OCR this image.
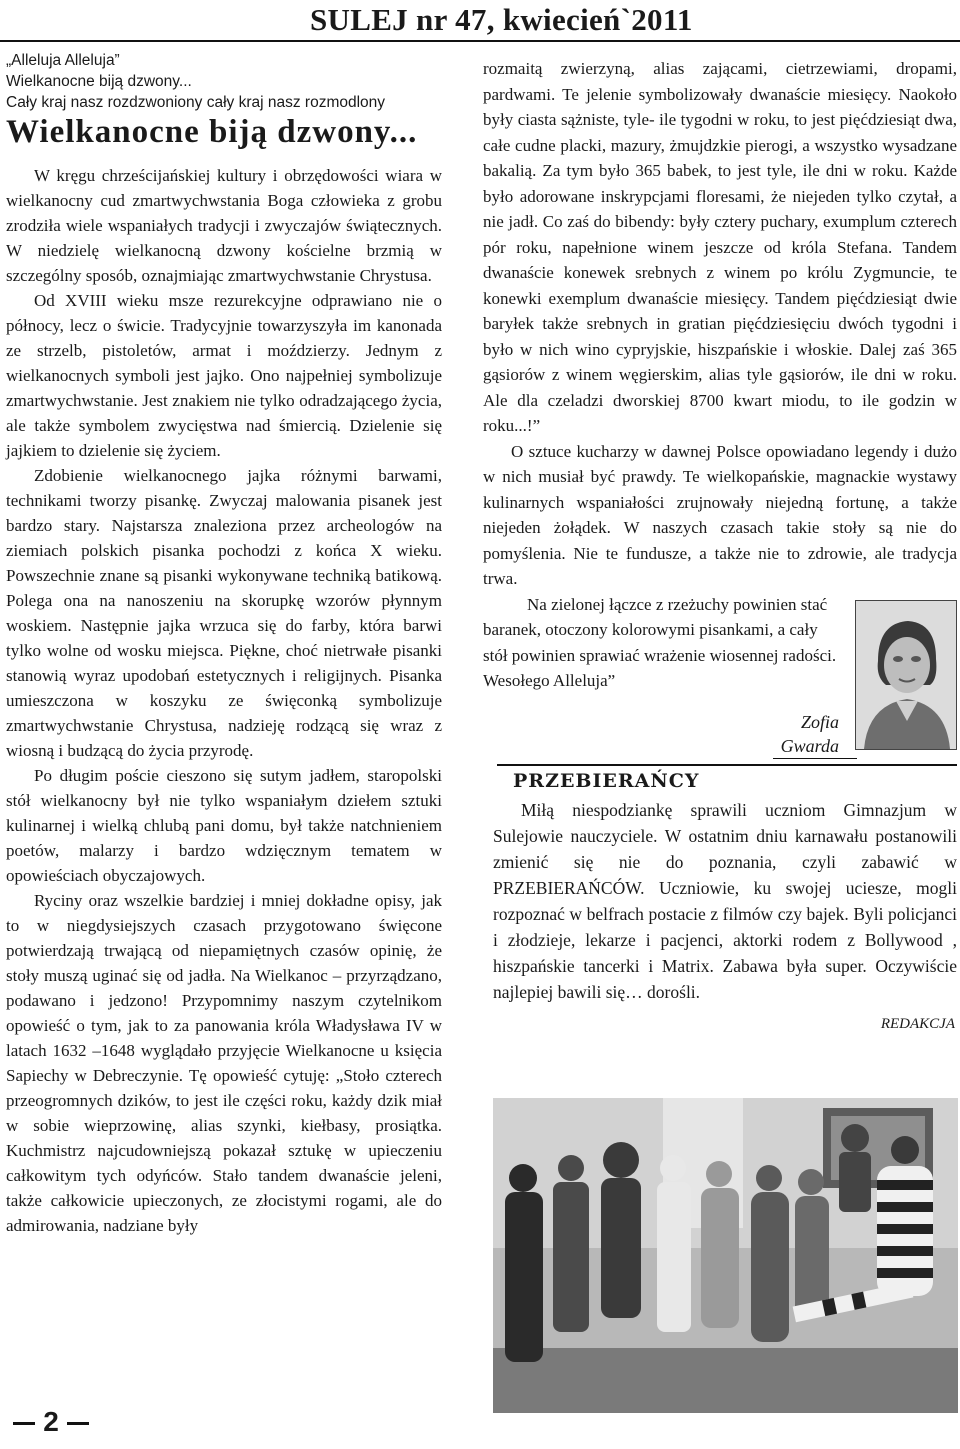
SULEJ nr 47, kwiecień`2011

„Alleluja Alleluja”

Wielkanocne biją dzwony...

Cały kraj nasz rozdzwoniony cały kraj nasz rozmodlony

Wielkanocne biją dzwony...

W kręgu chrześcijańskiej kultury i obrzędowości wiara w wielkanocny cud zmartwychwstania Boga człowieka z grobu zrodziła wiele wspaniałych tradycji i zwyczajów świątecznych. W niedzielę wielkanocną dzwony kościelne brzmią w szczególny sposób, oznajmiając zmartwychwstanie Chrystusa.

Od XVIII wieku msze rezurekcyjne odprawiano nie o północy, lecz o świcie. Tradycyjnie towarzyszyła im kanonada ze strzelb, pistoletów, armat i moździerzy. Jednym z wielkanocnych symboli jest jajko. Ono najpełniej symbolizuje zmartwychwstanie. Jest znakiem nie tylko odradzającego życia, ale także symbolem zwycięstwa nad śmiercią. Dzielenie się jajkiem to dzielenie się życiem.

Zdobienie wielkanocnego jajka różnymi barwami, technikami tworzy pisankę. Zwyczaj malowania pisanek jest bardzo stary. Najstarsza znaleziona przez archeologów na ziemiach polskich pisanka pochodzi z końca X wieku. Powszechnie znane są pisanki wykonywane techniką batikową. Polega ona na nanoszeniu na skorupkę wzorów płynnym woskiem. Następnie jajka wrzuca się do farby, która barwi tylko wolne od wosku miejsca. Piękne, choć nietrwałe pisanki stanowią wyraz upodobań estetycznych i religijnych. Pisanka umieszczona w koszyku ze święconką symbolizuje zmartwychwstanie Chrystusa, nadzieję rodzącą się wraz z wiosną i budzącą do życia przyrodę.

Po długim poście cieszono się sutym jadłem, staropolski stół wielkanocny był nie tylko wspaniałym dziełem sztuki kulinarnej i wielką chlubą pani domu, był także natchnieniem poetów, malarzy i bardzo wdzięcznym tematem w opowieściach obyczajowych.

Ryciny oraz wszelkie bardziej i mniej dokładne opisy, jak to w niegdysiejszych czasach przygotowano święcone potwierdzają trwającą od niepamiętnych czasów opinię, że stoły muszą uginać się od jadła. Na Wielkanoc – przyrządzano, podawano i jedzono! Przypomnimy naszym czytelnikom opowieść o tym, jak to za panowania króla Władysława IV w latach 1632 –1648 wyglądało przyjęcie Wielkanocne u księcia Sapiechy w Debreczynie. Tę opowieść cytuję: „Stoło czterech przeogromnych dzików, to jest ile części roku, każdy dzik miał w sobie wieprzowinę, alias szynki, kiełbasy, prosiątka. Kuchmistrz najcudowniejszą pokazał sztukę w upieczeniu całkowitym tych odyńców. Stało tandem dwanaście jeleni, także całkowicie upieczonych, ze złocistymi rogami, ale do admirowania, nadziane były

rozmaitą zwierzyną, alias zającami, cietrzewiami, dropami, pardwami. Te jelenie symbolizowały dwanaście miesięcy. Naokoło były ciasta sążniste, tyle- ile tygodni w roku, to jest pięćdziesiąt dwa, całe cudne placki, mazury, żmujdzkie pierogi, a wszystko wysadzane bakalią. Za tym było 365 babek, to jest tyle, ile dni w roku. Każde było adorowane inskrypcjami floresami, że niejeden tylko czytał, a nie jadł. Co zaś do bibendy: były cztery puchary, exumplum czterech pór roku, napełnione winem jeszcze od króla Stefana. Tandem dwanaście konewek srebnych z winem po królu Zygmuncie, te konewki exemplum dwanaście miesięcy. Tandem pięćdziesiąt dwie baryłek także srebnych in gratian pięćdziesięciu dwóch tygodni i było w nich wino cypryjskie, hiszpańskie i włoskie. Dalej zaś 365 gąsiorów z winem węgierskim, alias tyle gąsiorów, ile dni w roku. Ale dla czeladzi dworskiej 8700 kwart miodu, to ile godzin w roku...!”

O sztuce kucharzy w dawnej Polsce opowiadano legendy i dużo w nich musiał być prawdy. Te wielkopańskie, magnackie wystawy kulinarnych wspaniałości zrujnowały niejedną fortunę, a także niejeden żołądek. W naszych czasach takie stoły są nie do pomyślenia. Nie te fundusze, a także nie to zdrowie, ale tradycja trwa.

Na zielonej łączce z rzeżuchy powinien stać baranek, otoczony kolorowymi pisankami, a cały stół powinien sprawiać wrażenie wiosennej radości. Wesołego Alleluja”

Zofia
Gwarda
PRZEBIERAŃCY

Miłą niespodziankę sprawili uczniom Gimnazjum w Sulejowie nauczyciele. W ostatnim dniu karnawału postanowili zmienić się nie do poznania, czyli zabawić w PRZEBIERAŃCÓW. Uczniowie, ku swojej uciesze, mogli rozpoznać w belfrach postacie z filmów czy bajek. Byli policjanci i złodzieje, lekarze i pacjenci, aktorki rodem z Bollywood , hiszpańskie tancerki i Matrix. Zabawa była super. Oczywiście najlepiej bawili się… dorośli.

REDAKCJA
2
